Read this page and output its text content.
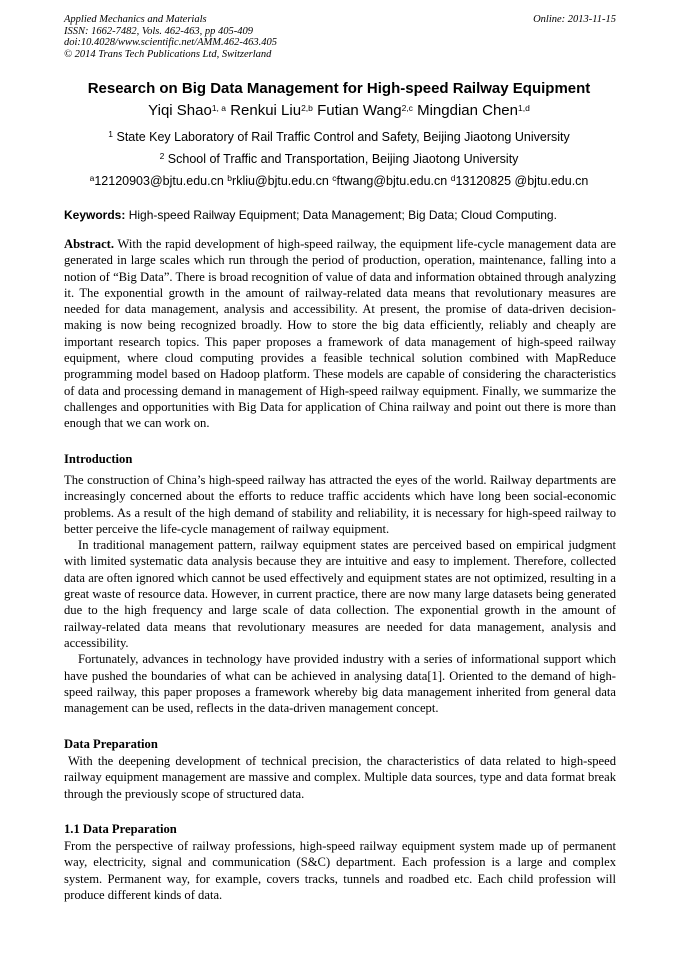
Applied Mechanics and Materials	Online: 2013-11-15
ISSN: 1662-7482, Vols. 462-463, pp 405-409
doi:10.4028/www.scientific.net/AMM.462-463.405
© 2014 Trans Tech Publications Ltd, Switzerland
Research on Big Data Management for High-speed Railway Equipment
Yiqi Shao$^{1, a}$ Renkui Liu$^{2,b}$ Futian Wang$^{2,c}$ Mingdian Chen$^{1,d}$
$^1$ State Key Laboratory of Rail Traffic Control and Safety, Beijing Jiaotong University
$^2$ School of Traffic and Transportation, Beijing Jiaotong University
$^a$12120903@bjtu.edu.cn $^b$rkliu@bjtu.edu.cn $^c$ftwang@bjtu.edu.cn $^d$13120825 @bjtu.edu.cn
Keywords: High-speed Railway Equipment; Data Management; Big Data; Cloud Computing.

Abstract. With the rapid development of high-speed railway, the equipment life-cycle management data are generated in large scales which run through the period of production, operation, maintenance, falling into a notion of “Big Data”. There is broad recognition of value of data and information obtained through analyzing it. The exponential growth in the amount of railway-related data means that revolutionary measures are needed for data management, analysis and accessibility. At present, the promise of data-driven decision-making is now being recognized broadly. How to store the big data efficiently, reliably and cheaply are important research topics. This paper proposes a framework of data management of high-speed railway equipment, where cloud computing provides a feasible technical solution combined with MapReduce programming model based on Hadoop platform. These models are capable of considering the characteristics of data and processing demand in management of High-speed railway equipment. Finally, we summarize the challenges and opportunities with Big Data for application of China railway and point out there is more than enough that we can work on.

Introduction

The construction of China’s high-speed railway has attracted the eyes of the world. Railway departments are increasingly concerned about the efforts to reduce traffic accidents which have long been social-economic problems. As a result of the high demand of stability and reliability, it is necessary for high-speed railway to better perceive the life-cycle management of railway equipment.

In traditional management pattern, railway equipment states are perceived based on empirical judgment with limited systematic data analysis because they are intuitive and easy to implement. Therefore, collected data are often ignored which cannot be used effectively and equipment states are not optimized, resulting in a great waste of resource data. However, in current practice, there are now many large datasets being generated due to the high frequency and large scale of data collection. The exponential growth in the amount of railway-related data means that revolutionary measures are needed for data management, analysis and accessibility.

Fortunately, advances in technology have provided industry with a series of informational support which have pushed the boundaries of what can be achieved in analysing data[1]. Oriented to the demand of high-speed railway, this paper proposes a framework whereby big data management inherited from general data management can be used, reflects in the data-driven management concept.

Data Preparation

With the deepening development of technical precision, the characteristics of data related to high-speed railway equipment management are massive and complex. Multiple data sources, type and data format break through the previously scope of structured data.

1.1 Data Preparation

From the perspective of railway professions, high-speed railway equipment system made up of permanent way, electricity, signal and communication (S&C) department. Each profession is a large and complex system. Permanent way, for example, covers tracks, tunnels and roadbed etc. Each child profession will produce different kinds of data.
